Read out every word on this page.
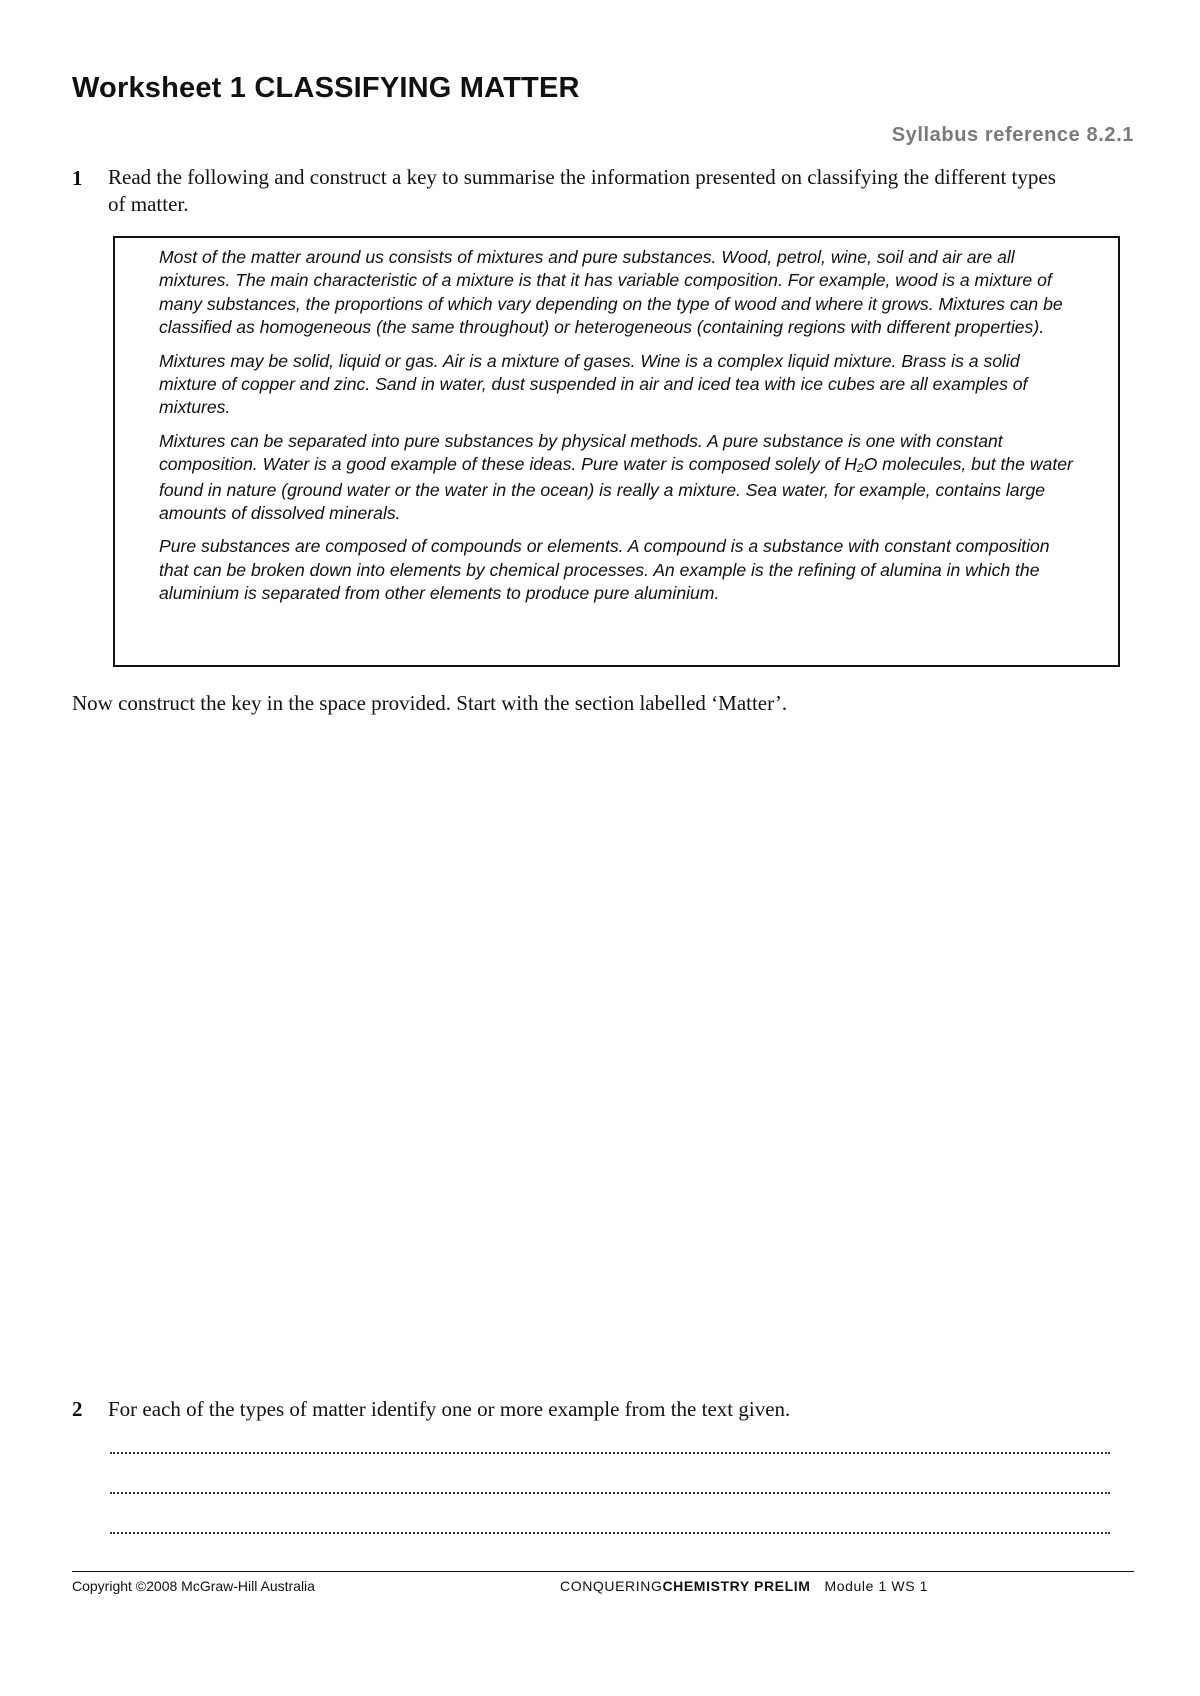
Worksheet 1 CLASSIFYING MATTER
Syllabus reference 8.2.1
1 Read the following and construct a key to summarise the information presented on classifying the different types of matter.

Most of the matter around us consists of mixtures and pure substances. Wood, petrol, wine, soil and air are all mixtures. The main characteristic of a mixture is that it has variable composition. For example, wood is a mixture of many substances, the proportions of which vary depending on the type of wood and where it grows. Mixtures can be classified as homogeneous (the same throughout) or heterogeneous (containing regions with different properties).

Mixtures may be solid, liquid or gas. Air is a mixture of gases. Wine is a complex liquid mixture. Brass is a solid mixture of copper and zinc. Sand in water, dust suspended in air and iced tea with ice cubes are all examples of mixtures.

Mixtures can be separated into pure substances by physical methods. A pure substance is one with constant composition. Water is a good example of these ideas. Pure water is composed solely of $H_2O$ molecules, but the water found in nature (ground water or the water in the ocean) is really a mixture. Sea water, for example, contains large amounts of dissolved minerals.

Pure substances are composed of compounds or elements. A compound is a substance with constant composition that can be broken down into elements by chemical processes. An example is the refining of alumina in which the aluminium is separated from other elements to produce pure aluminium.

Now construct the key in the space provided. Start with the section labelled ‘Matter’.
2 For each of the types of matter identify one or more example from the text given.
Copyright ©2008 McGraw-Hill Australia	CONQUERINGCHEMISTRY PRELIM Module 1 WS 1
